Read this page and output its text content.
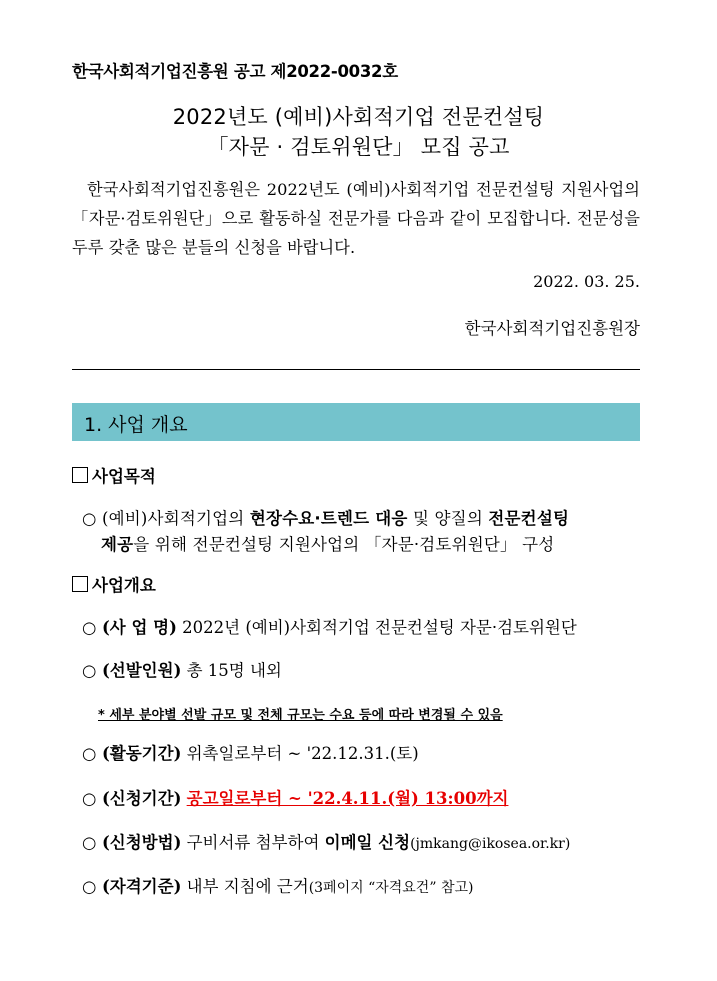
한국사회적기업진흥원 공고 제2022-0032호
2022년도 (예비)사회적기업 전문컨설팅
「자문 · 검토위원단」 모집 공고
한국사회적기업진흥원은 2022년도 (예비)사회적기업 전문컨설팅 지원사업의 「자문·검토위원단」으로 활동하실 전문가를 다음과 같이 모집합니다. 전문성을 두루 갖춘 많은 분들의 신청을 바랍니다.
2022. 03. 25.
한국사회적기업진흥원장
1. 사업 개요
사업목적
○ (예비)사회적기업의 현장수요·트렌드 대응 및 양질의 전문컨설팅
제공을 위해 전문컨설팅 지원사업의 「자문·검토위원단」 구성
사업개요
○ (사 업 명) 2022년 (예비)사회적기업 전문컨설팅 자문·검토위원단
○ (선발인원) 총 15명 내외
* 세부 분야별 선발 규모 및 전체 규모는 수요 등에 따라 변경될 수 있음
○ (활동기간) 위촉일로부터 ~ '22.12.31.(토)
○ (신청기간) 공고일로부터 ~ '22.4.11.(월) 13:00까지
○ (신청방법) 구비서류 첨부하여 이메일 신청(jmkang@ikosea.or.kr)
○ (자격기준) 내부 지침에 근거(3페이지 “자격요건” 참고)
